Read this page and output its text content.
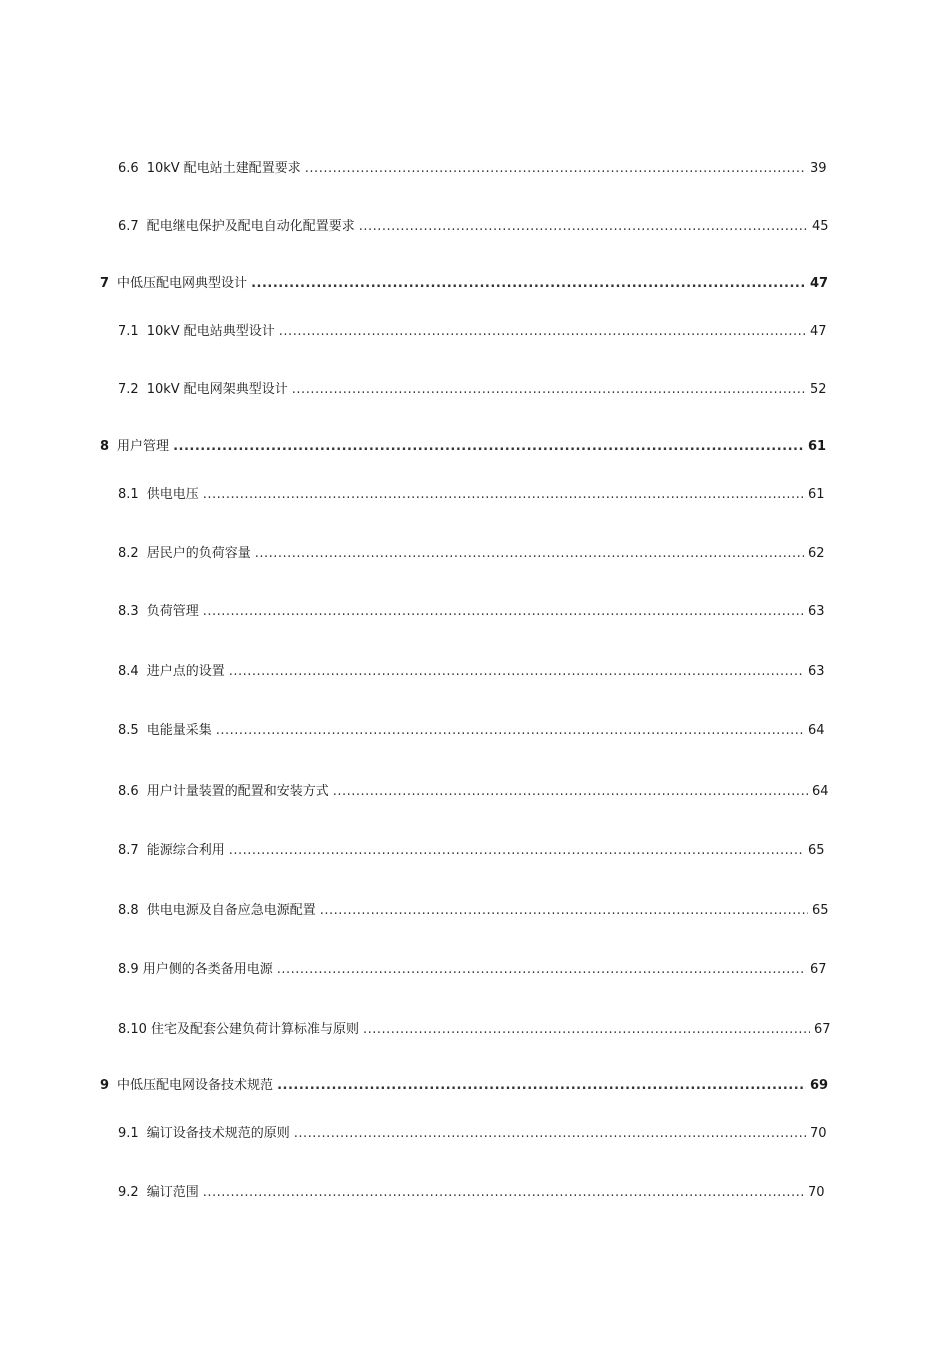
6.6 10kV 配电站土建配置要求 .....	39
6.7 配电继电保护及配电自动化配置要求 .....	45
7 中低压配电网典型设计 .....	47
7.1 10kV 配电站典型设计 .....	47
7.2 10kV 配电网架典型设计 .....	52
8 用户管理 .....	61
8.1 供电电压 .....	61
8.2 居民户的负荷容量 .....	62
8.3 负荷管理 .....	63
8.4 进户点的设置 .....	63
8.5 电能量采集 .....	64
8.6 用户计量装置的配置和安装方式 .....	64
8.7 能源综合利用 .....	65
8.8 供电电源及自备应急电源配置 .....	65
8.9 用户侧的各类备用电源 .....	67
8.10 住宅及配套公建负荷计算标准与原则 .....	67
9 中低压配电网设备技术规范 .....	69
9.1 编订设备技术规范的原则 .....	70
9.2 编订范围 .....	70
